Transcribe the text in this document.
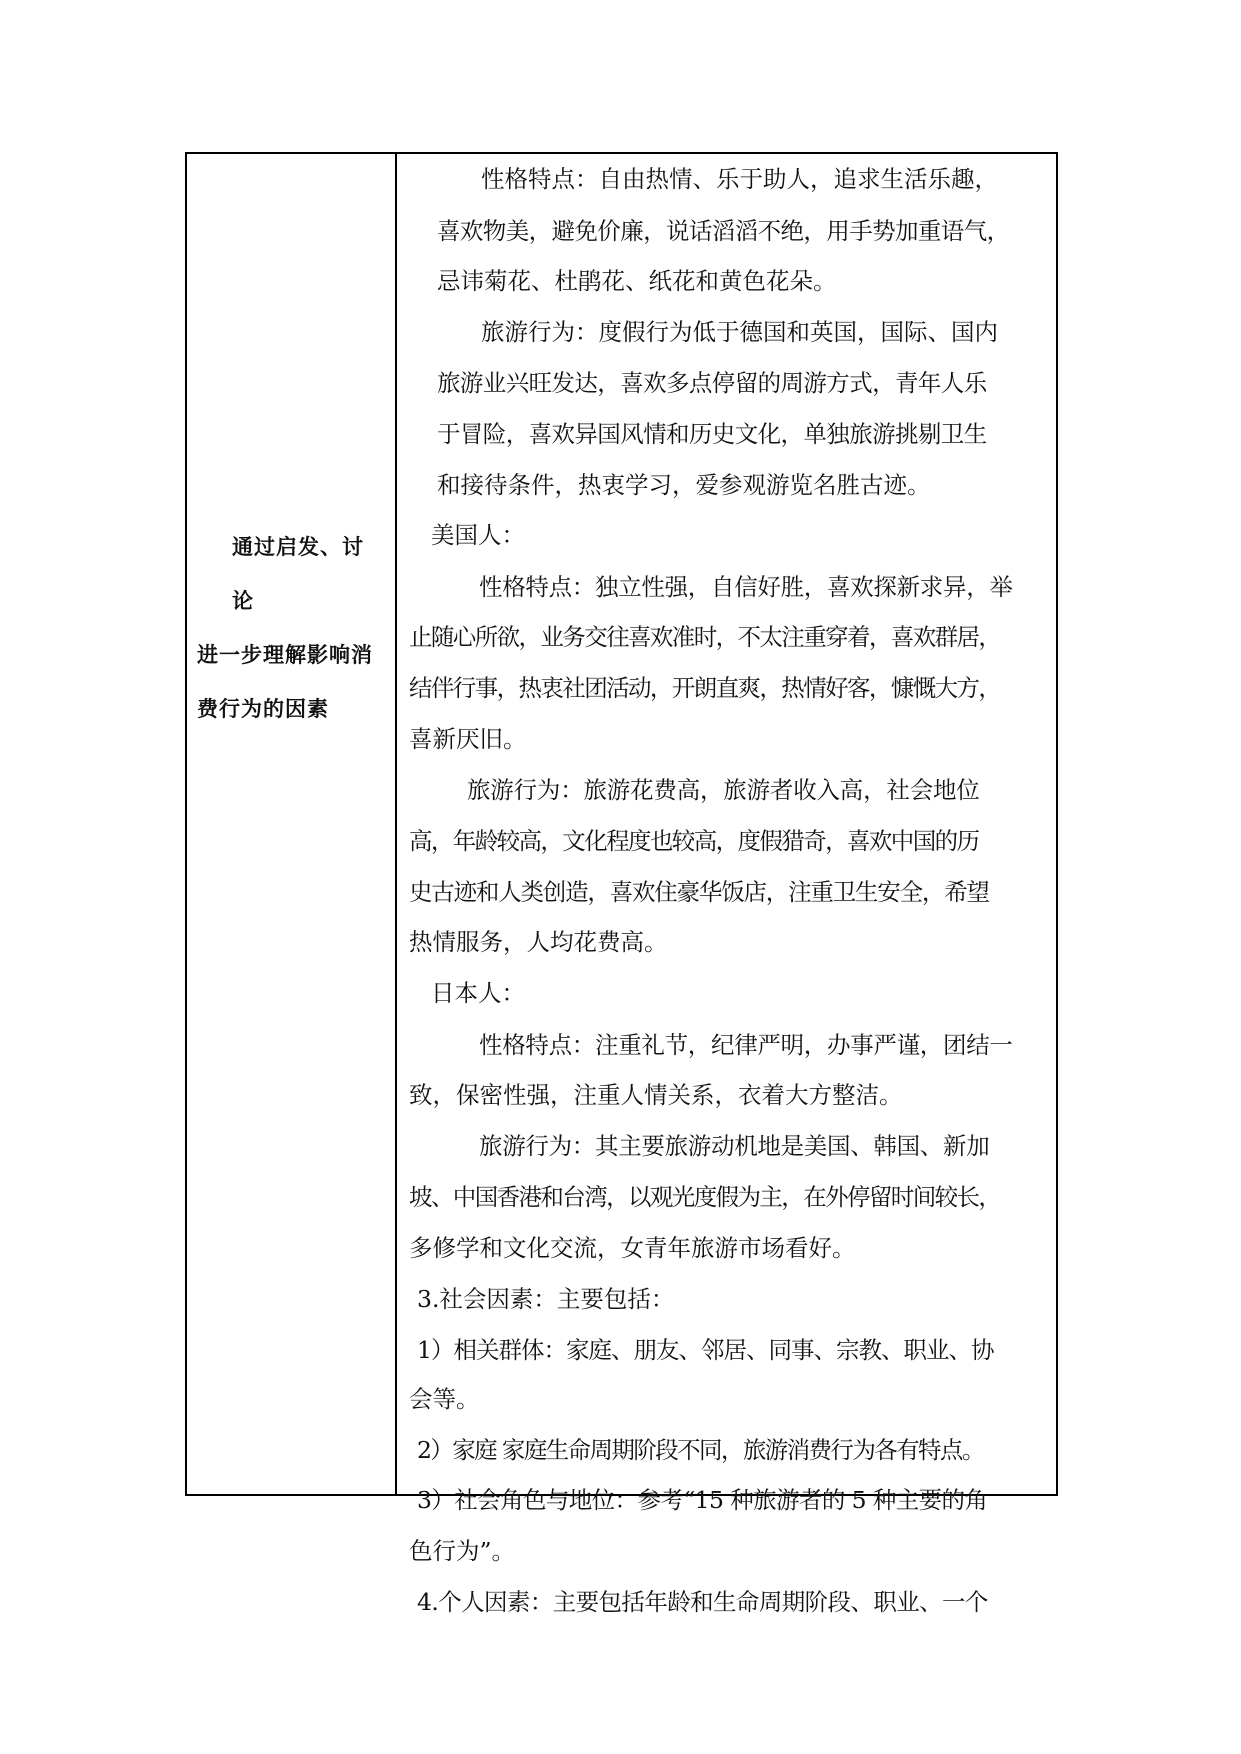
通过启发、讨论
进一步理解影响消
费行为的因素
性格特点：自由热情、乐于助人，追求生活乐趣，
喜欢物美，避免价廉，说话滔滔不绝，用手势加重语气，
忌讳菊花、杜鹃花、纸花和黄色花朵。
旅游行为：度假行为低于德国和英国，国际、国内
旅游业兴旺发达，喜欢多点停留的周游方式，青年人乐
于冒险，喜欢异国风情和历史文化，单独旅游挑剔卫生
和接待条件，热衷学习，爱参观游览名胜古迹。
美国人：
性格特点：独立性强，自信好胜，喜欢探新求异，举
止随心所欲，业务交往喜欢准时，不太注重穿着，喜欢群居，
结伴行事，热衷社团活动，开朗直爽，热情好客，慷慨大方，
喜新厌旧。
旅游行为：旅游花费高，旅游者收入高，社会地位
高，年龄较高，文化程度也较高，度假猎奇，喜欢中国的历
史古迹和人类创造，喜欢住豪华饭店，注重卫生安全，希望
热情服务，人均花费高。
日本人：
性格特点：注重礼节，纪律严明，办事严谨，团结一
致，保密性强，注重人情关系，衣着大方整洁。
旅游行为：其主要旅游动机地是美国、韩国、新加
坡、中国香港和台湾，以观光度假为主，在外停留时间较长，
多修学和文化交流，女青年旅游市场看好。
3.社会因素：主要包括：
1）相关群体：家庭、朋友、邻居、同事、宗教、职业、协
会等。
2）家庭 家庭生命周期阶段不同，旅游消费行为各有特点。
3）社会角色与地位：参考“15 种旅游者的 5 种主要的角
色行为”。
4.个人因素：主要包括年龄和生命周期阶段、职业、一个
